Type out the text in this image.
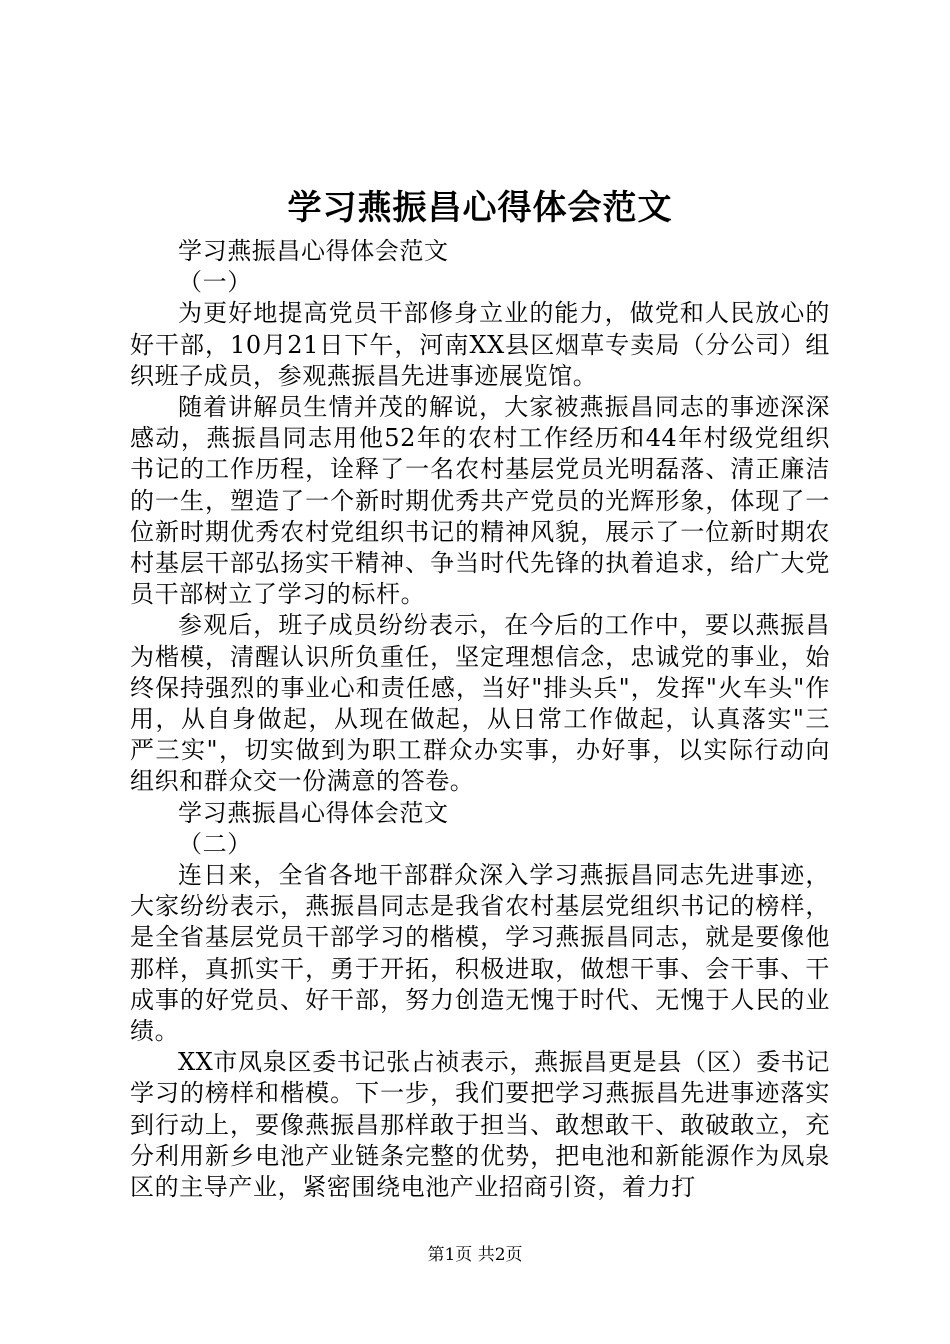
学习燕振昌心得体会范文

学习燕振昌心得体会范文

（一）

为更好地提高党员干部修身立业的能力，做党和人民放心的好干部，10月21日下午，河南XX县区烟草专卖局（分公司）组织班子成员，参观燕振昌先进事迹展览馆。

随着讲解员生情并茂的解说，大家被燕振昌同志的事迹深深感动，燕振昌同志用他52年的农村工作经历和44年村级党组织书记的工作历程，诠释了一名农村基层党员光明磊落、清正廉洁的一生，塑造了一个新时期优秀共产党员的光辉形象，体现了一位新时期优秀农村党组织书记的精神风貌，展示了一位新时期农村基层干部弘扬实干精神、争当时代先锋的执着追求，给广大党员干部树立了学习的标杆。

参观后，班子成员纷纷表示，在今后的工作中，要以燕振昌为楷模，清醒认识所负重任，坚定理想信念，忠诚党的事业，始终保持强烈的事业心和责任感，当好"排头兵"，发挥"火车头"作用，从自身做起，从现在做起，从日常工作做起，认真落实"三严三实"，切实做到为职工群众办实事，办好事，以实际行动向组织和群众交一份满意的答卷。

学习燕振昌心得体会范文

（二）

连日来，全省各地干部群众深入学习燕振昌同志先进事迹，大家纷纷表示，燕振昌同志是我省农村基层党组织书记的榜样，是全省基层党员干部学习的楷模，学习燕振昌同志，就是要像他那样，真抓实干，勇于开拓，积极进取，做想干事、会干事、干成事的好党员、好干部，努力创造无愧于时代、无愧于人民的业绩。

XX市凤泉区委书记张占祯表示，燕振昌更是县（区）委书记学习的榜样和楷模。下一步，我们要把学习燕振昌先进事迹落实到行动上，要像燕振昌那样敢于担当、敢想敢干、敢破敢立，充分利用新乡电池产业链条完整的优势，把电池和新能源作为凤泉区的主导产业，紧密围绕电池产业招商引资，着力打

第1页 共2页
